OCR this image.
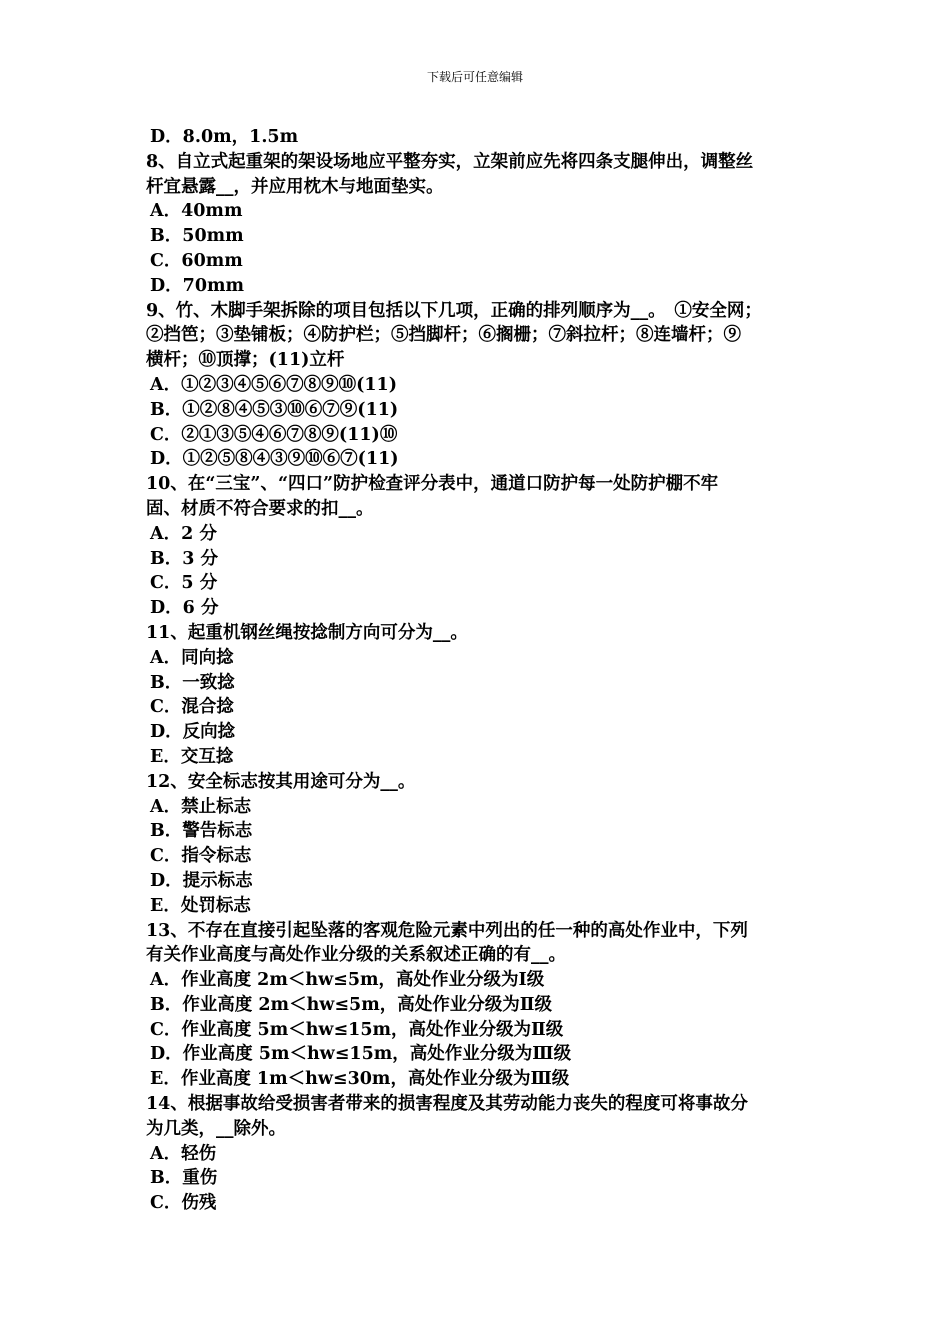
下载后可任意编辑
D．8.0m，1.5m
8、自立式起重架的架设场地应平整夯实，立架前应先将四条支腿伸出，调整丝
杆宜悬露__，并应用枕木与地面垫实。
A．40mm
B．50mm
C．60mm
D．70mm
9、竹、木脚手架拆除的项目包括以下几项，正确的排列顺序为__。　①安全网；
②挡笆；③垫铺板；④防护栏；⑤挡脚杆；⑥搁栅；⑦斜拉杆；⑧连墙杆；⑨
横杆；⑩顶撑；(11)立杆
A．①②③④⑤⑥⑦⑧⑨⑩(11)
B．①②⑧④⑤③⑩⑥⑦⑨(11)
C．②①③⑤④⑥⑦⑧⑨(11)⑩
D．①②⑤⑧④③⑨⑩⑥⑦(11)
10、在“三宝”、“四口”防护检查评分表中，通道口防护每一处防护棚不牢
固、材质不符合要求的扣__。
A．2 分
B．3 分
C．5 分
D．6 分
11、起重机钢丝绳按捻制方向可分为__。
A．同向捻
B．一致捻
C．混合捻
D．反向捻
E．交互捻
12、安全标志按其用途可分为__。
A．禁止标志
B．警告标志
C．指令标志
D．提示标志
E．处罚标志
13、不存在直接引起坠落的客观危险元素中列出的任一种的高处作业中，下列
有关作业高度与高处作业分级的关系叙述正确的有__。
A．作业高度 2m＜hw≤5m，高处作业分级为Ⅰ级
B．作业高度 2m＜hw≤5m，高处作业分级为Ⅱ级
C．作业高度 5m＜hw≤15m，高处作业分级为Ⅱ级
D．作业高度 5m＜hw≤15m，高处作业分级为Ⅲ级
E．作业高度 1m＜hw≤30m，高处作业分级为Ⅲ级
14、根据事故给受损害者带来的损害程度及其劳动能力丧失的程度可将事故分
为几类，__除外。
A．轻伤
B．重伤
C．伤残
